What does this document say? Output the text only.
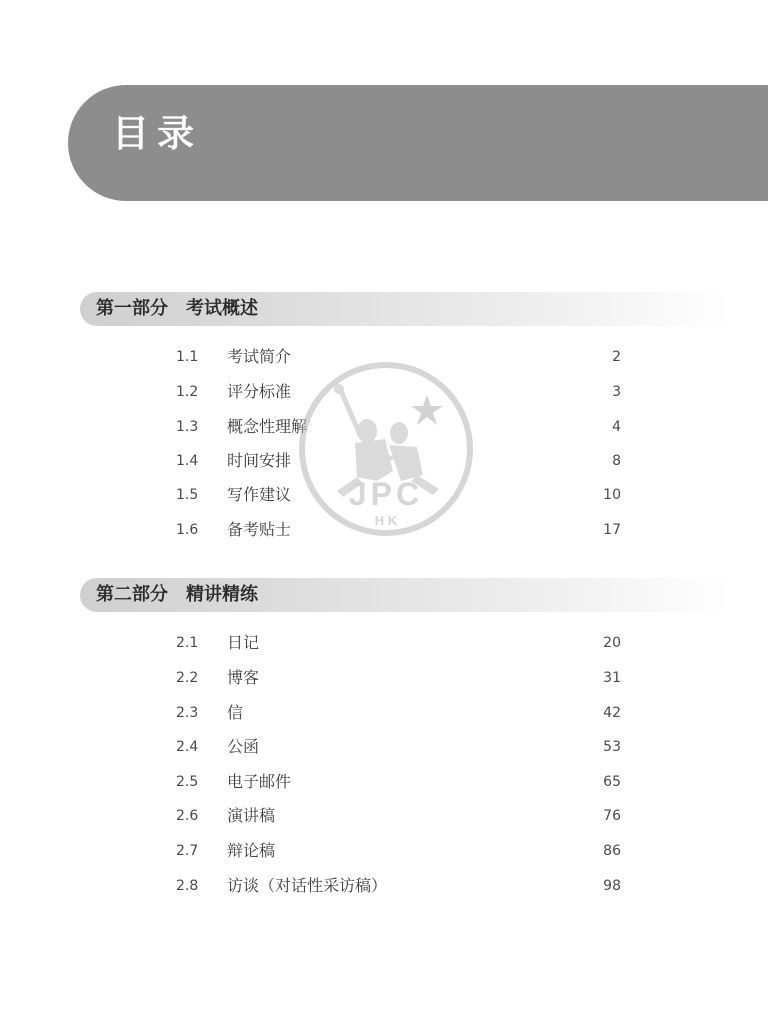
目录
第一部分　考试概述
1.1	考试简介	2
1.2	评分标准	3
1.3	概念性理解	4
1.4	时间安排	8
1.5	写作建议	10
1.6	备考贴士	17
第二部分　精讲精练
2.1	日记	20
2.2	博客	31
2.3	信	42
2.4	公函	53
2.5	电子邮件	65
2.6	演讲稿	76
2.7	辩论稿	86
2.8	访谈（对话性采访稿）	98
JPC
H K
